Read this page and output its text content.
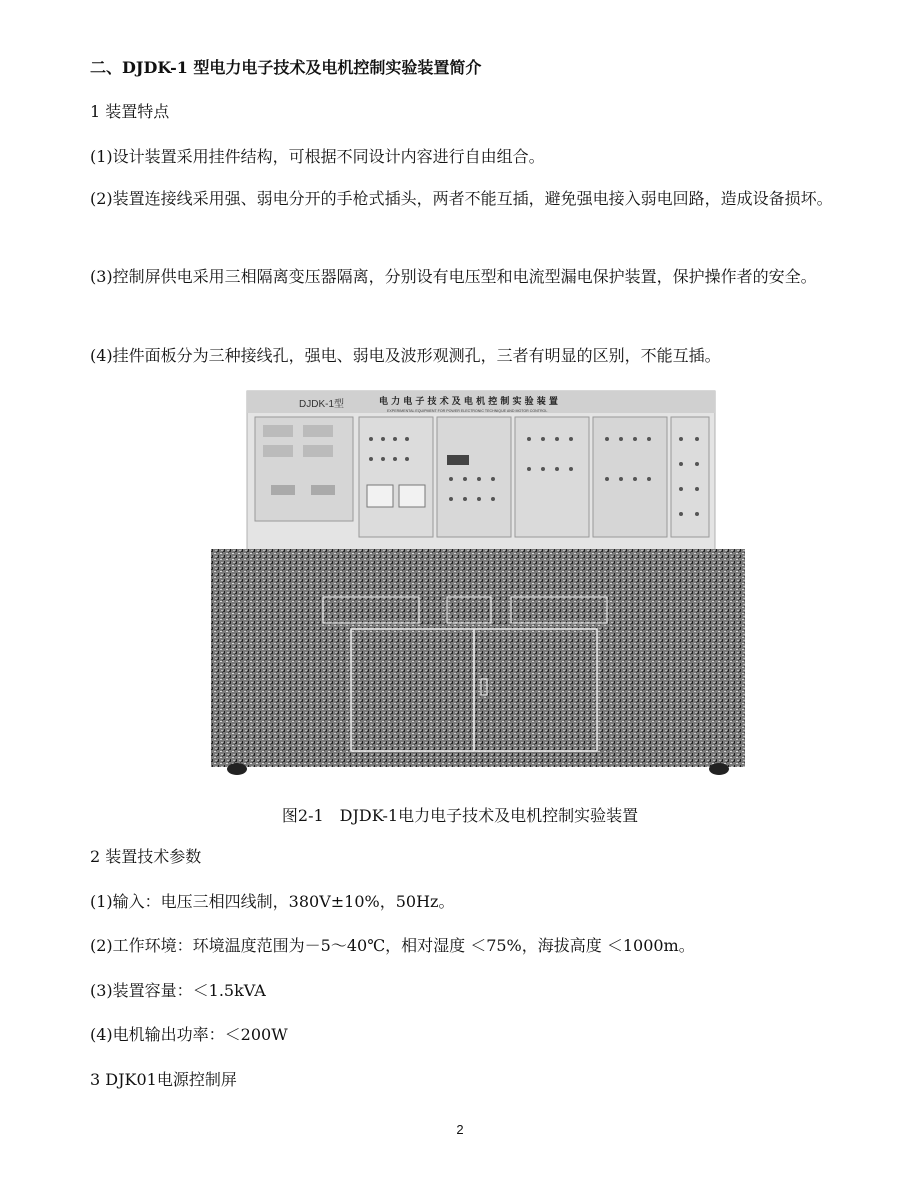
二、DJDK-1 型电力电子技术及电机控制实验装置简介
1 装置特点
(1)设计装置采用挂件结构，可根据不同设计内容进行自由组合。
(2)装置连接线采用强、弱电分开的手枪式插头，两者不能互插，避免强电接入弱电回路，造成设备损坏。
(3)控制屏供电采用三相隔离变压器隔离，分别设有电压型和电流型漏电保护装置，保护操作者的安全。
(4)挂件面板分为三种接线孔，强电、弱电及波形观测孔，三者有明显的区别，不能互插。
DJDK-1型	电 力 电 子 技 术 及 电 机 控 制 实 验 装 置
EXPERIMENTAL EQUIPMENT FOR POWER ELECTRONIC TECHNIQUE AND MOTOR CONTROL
图2-1　DJDK-1电力电子技术及电机控制实验装置
2 装置技术参数
(1)输入：电压三相四线制，380V±10%，50Hz。
(2)工作环境：环境温度范围为－5～40℃，相对湿度 ＜75%，海拔高度 ＜1000m。
(3)装置容量：＜1.5kVA
(4)电机输出功率：＜200W
3 DJK01电源控制屏
2
